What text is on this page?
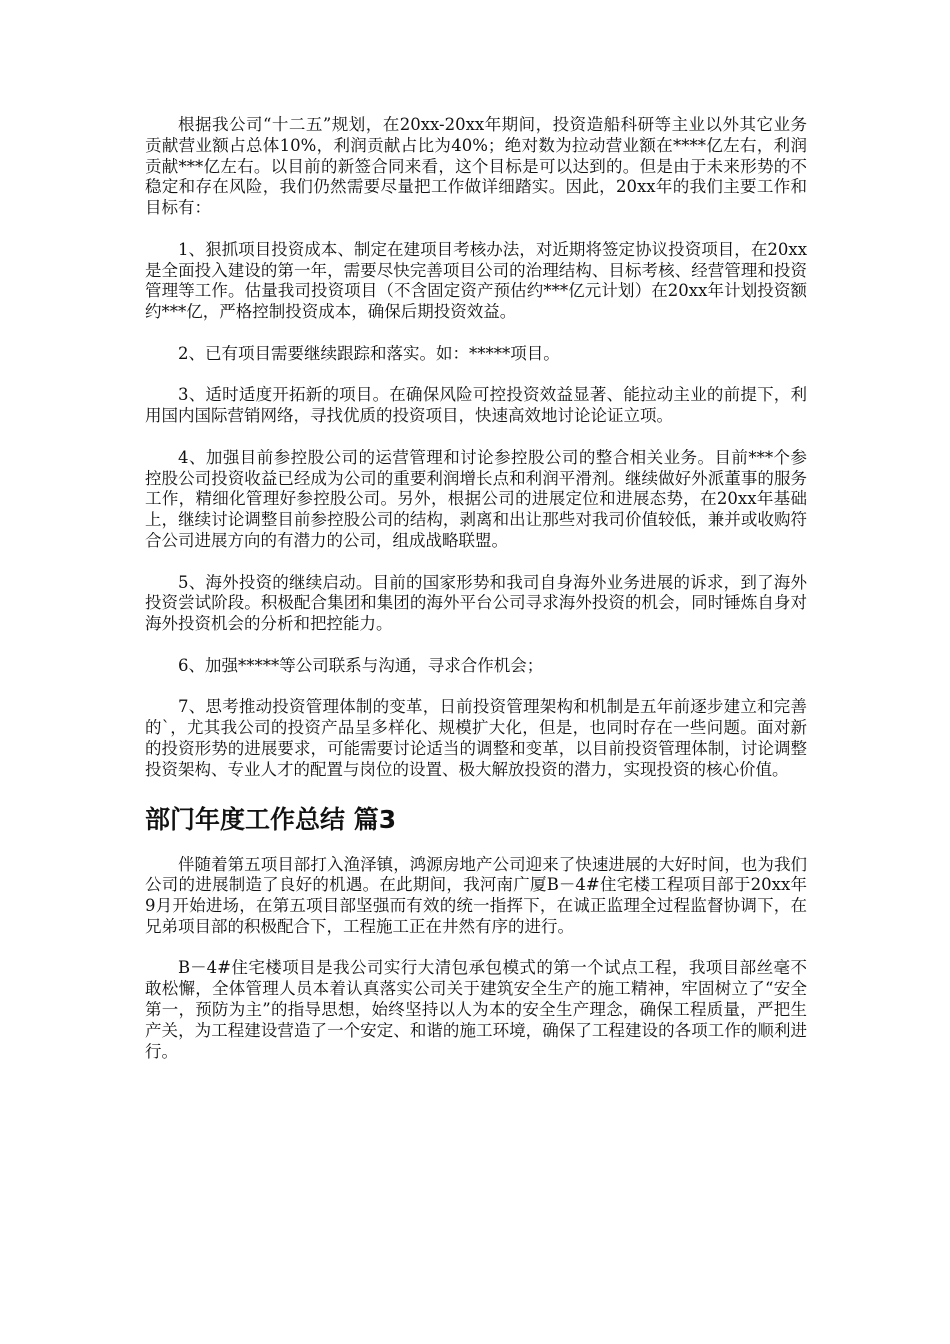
根据我公司“十二五”规划，在20xx-20xx年期间，投资造船科研等主业以外其它业务贡献营业额占总体10%，利润贡献占比为40%；绝对数为拉动营业额在****亿左右，利润贡献***亿左右。以目前的新签合同来看，这个目标是可以达到的。但是由于未来形势的不稳定和存在风险，我们仍然需要尽量把工作做详细踏实。因此，20xx年的我们主要工作和目标有：

1、狠抓项目投资成本、制定在建项目考核办法，对近期将签定协议投资项目，在20xx是全面投入建设的第一年，需要尽快完善项目公司的治理结构、目标考核、经营管理和投资管理等工作。估量我司投资项目（不含固定资产预估约***亿元计划）在20xx年计划投资额约***亿，严格控制投资成本，确保后期投资效益。

2、已有项目需要继续跟踪和落实。如：*****项目。

3、适时适度开拓新的项目。在确保风险可控投资效益显著、能拉动主业的前提下，利用国内国际营销网络，寻找优质的投资项目，快速高效地讨论论证立项。

4、加强目前参控股公司的运营管理和讨论参控股公司的整合相关业务。目前***个参控股公司投资收益已经成为公司的重要利润增长点和利润平滑剂。继续做好外派董事的服务工作，精细化管理好参控股公司。另外，根据公司的进展定位和进展态势，在20xx年基础上，继续讨论调整目前参控股公司的结构，剥离和出让那些对我司价值较低，兼并或收购符合公司进展方向的有潜力的公司，组成战略联盟。

5、海外投资的继续启动。目前的国家形势和我司自身海外业务进展的诉求，到了海外投资尝试阶段。积极配合集团和集团的海外平台公司寻求海外投资的机会，同时锤炼自身对海外投资机会的分析和把控能力。

6、加强*****等公司联系与沟通，寻求合作机会；

7、思考推动投资管理体制的变革，日前投资管理架构和机制是五年前逐步建立和完善的`，尤其我公司的投资产品呈多样化、规模扩大化，但是，也同时存在一些问题。面对新的投资形势的进展要求，可能需要讨论适当的调整和变革，以目前投资管理体制，讨论调整投资架构、专业人才的配置与岗位的设置、极大解放投资的潜力，实现投资的核心价值。

部门年度工作总结 篇3

伴随着第五项目部打入渔泽镇，鸿源房地产公司迎来了快速进展的大好时间，也为我们公司的进展制造了良好的机遇。在此期间，我河南广厦B－4#住宅楼工程项目部于20xx年9月开始进场，在第五项目部坚强而有效的统一指挥下，在诚正监理全过程监督协调下，在兄弟项目部的积极配合下，工程施工正在井然有序的进行。

B－4#住宅楼项目是我公司实行大清包承包模式的第一个试点工程，我项目部丝毫不敢松懈，全体管理人员本着认真落实公司关于建筑安全生产的施工精神，牢固树立了“安全第一，预防为主”的指导思想，始终坚持以人为本的安全生产理念，确保工程质量，严把生产关，为工程建设营造了一个安定、和谐的施工环境，确保了工程建设的各项工作的顺利进行。
